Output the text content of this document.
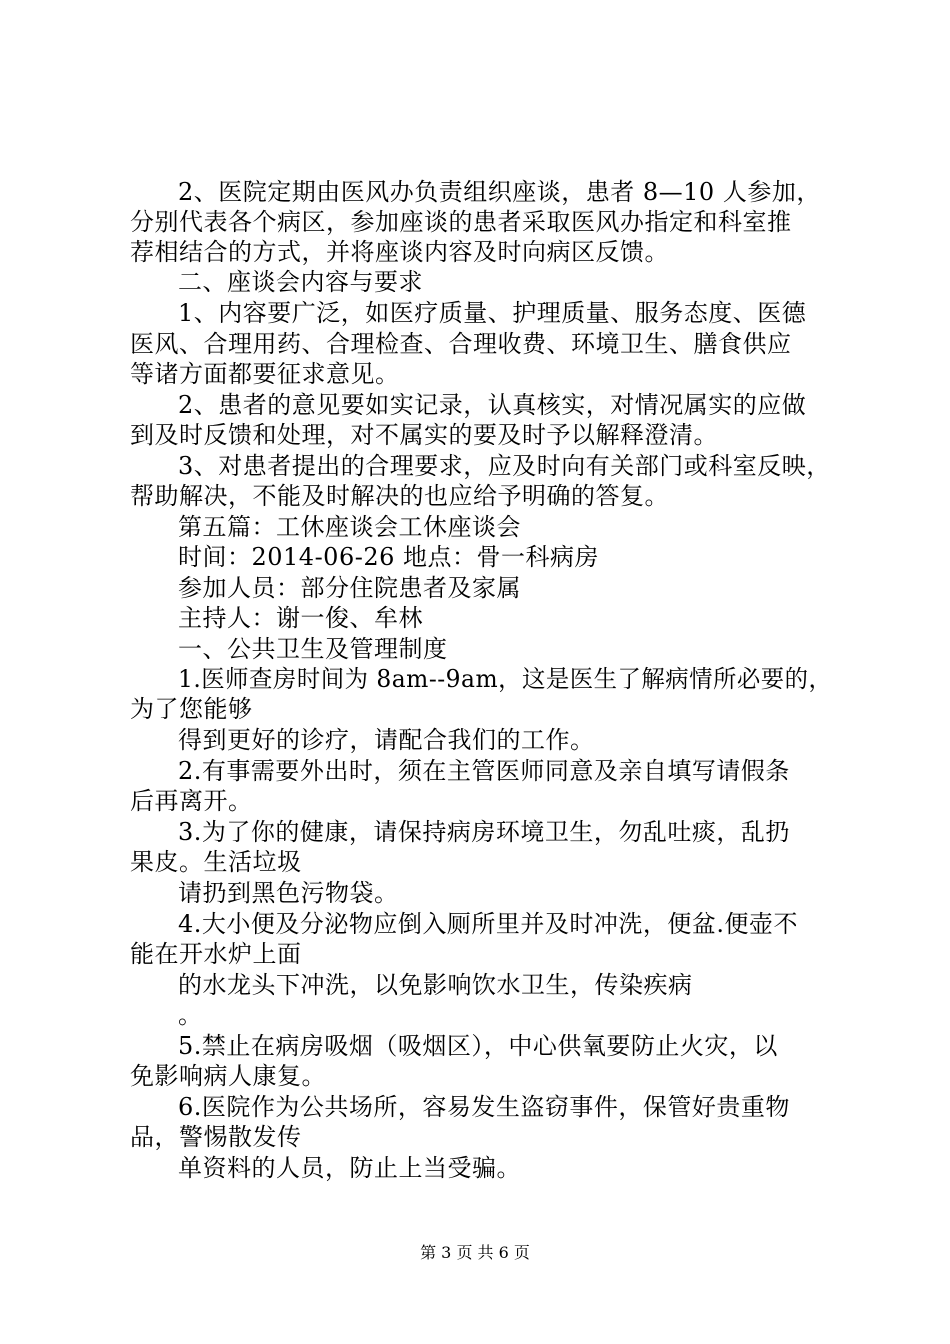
2、医院定期由医风办负责组织座谈，患者 8—10 人参加，
分别代表各个病区，参加座谈的患者采取医风办指定和科室推
荐相结合的方式，并将座谈内容及时向病区反馈。
二、座谈会内容与要求
1、内容要广泛，如医疗质量、护理质量、服务态度、医德
医风、合理用药、合理检查、合理收费、环境卫生、膳食供应
等诸方面都要征求意见。
2、患者的意见要如实记录，认真核实，对情况属实的应做
到及时反馈和处理，对不属实的要及时予以解释澄清。
3、对患者提出的合理要求，应及时向有关部门或科室反映，
帮助解决，不能及时解决的也应给予明确的答复。
第五篇：工休座谈会工休座谈会
时间：2014-06-26 地点：骨一科病房
参加人员：部分住院患者及家属
主持人：谢一俊、牟林
一、公共卫生及管理制度
1.医师查房时间为 8am--9am，这是医生了解病情所必要的，
为了您能够
得到更好的诊疗，请配合我们的工作。
2.有事需要外出时，须在主管医师同意及亲自填写请假条
后再离开。
3.为了你的健康，请保持病房环境卫生，勿乱吐痰，乱扔
果皮。生活垃圾
请扔到黑色污物袋。
4.大小便及分泌物应倒入厕所里并及时冲洗，便盆.便壶不
能在开水炉上面
的水龙头下冲洗，以免影响饮水卫生，传染疾病
。
5.禁止在病房吸烟（吸烟区），中心供氧要防止火灾，以
免影响病人康复。
6.医院作为公共场所，容易发生盗窃事件，保管好贵重物
品，警惕散发传
单资料的人员，防止上当受骗。
第 3 页 共 6 页
